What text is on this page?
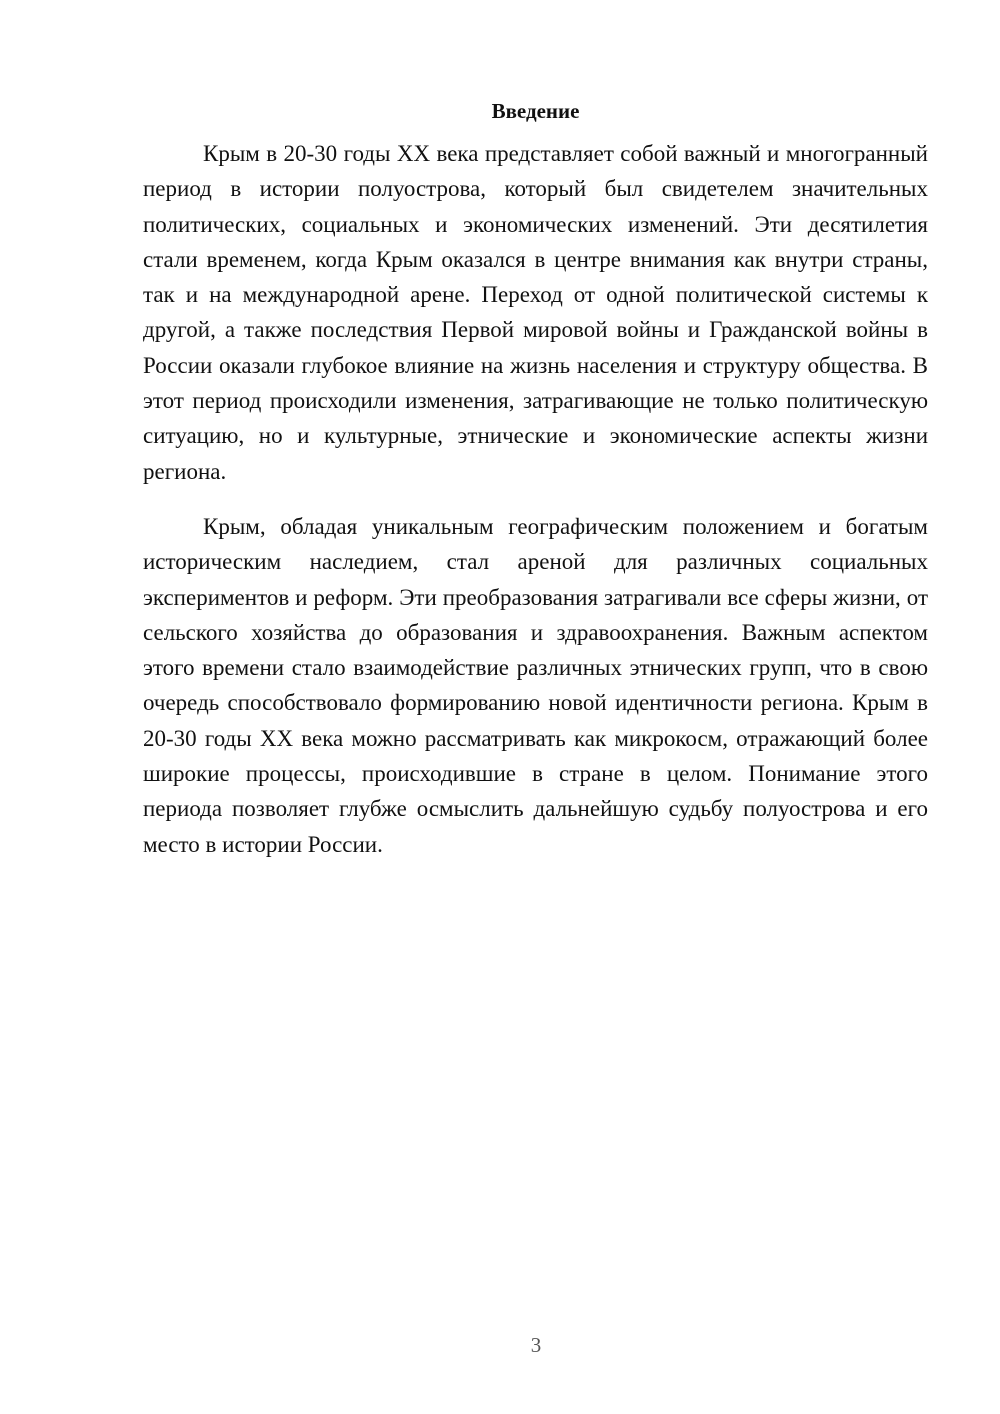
Введение

Крым в 20-30 годы XX века представляет собой важный и многогранный период в истории полуострова, который был свидетелем значительных политических, социальных и экономических изменений. Эти десятилетия стали временем, когда Крым оказался в центре внимания как внутри страны, так и на международной арене. Переход от одной политической системы к другой, а также последствия Первой мировой войны и Гражданской войны в России оказали глубокое влияние на жизнь населения и структуру общества. В этот период происходили изменения, затрагивающие не только политическую ситуацию, но и культурные, этнические и экономические аспекты жизни региона.

Крым, обладая уникальным географическим положением и богатым историческим наследием, стал ареной для различных социальных экспериментов и реформ. Эти преобразования затрагивали все сферы жизни, от сельского хозяйства до образования и здравоохранения. Важным аспектом этого времени стало взаимодействие различных этнических групп, что в свою очередь способствовало формированию новой идентичности региона. Крым в 20-30 годы XX века можно рассматривать как микрокосм, отражающий более широкие процессы, происходившие в стране в целом. Понимание этого периода позволяет глубже осмыслить дальнейшую судьбу полуострова и его место в истории России.

3
